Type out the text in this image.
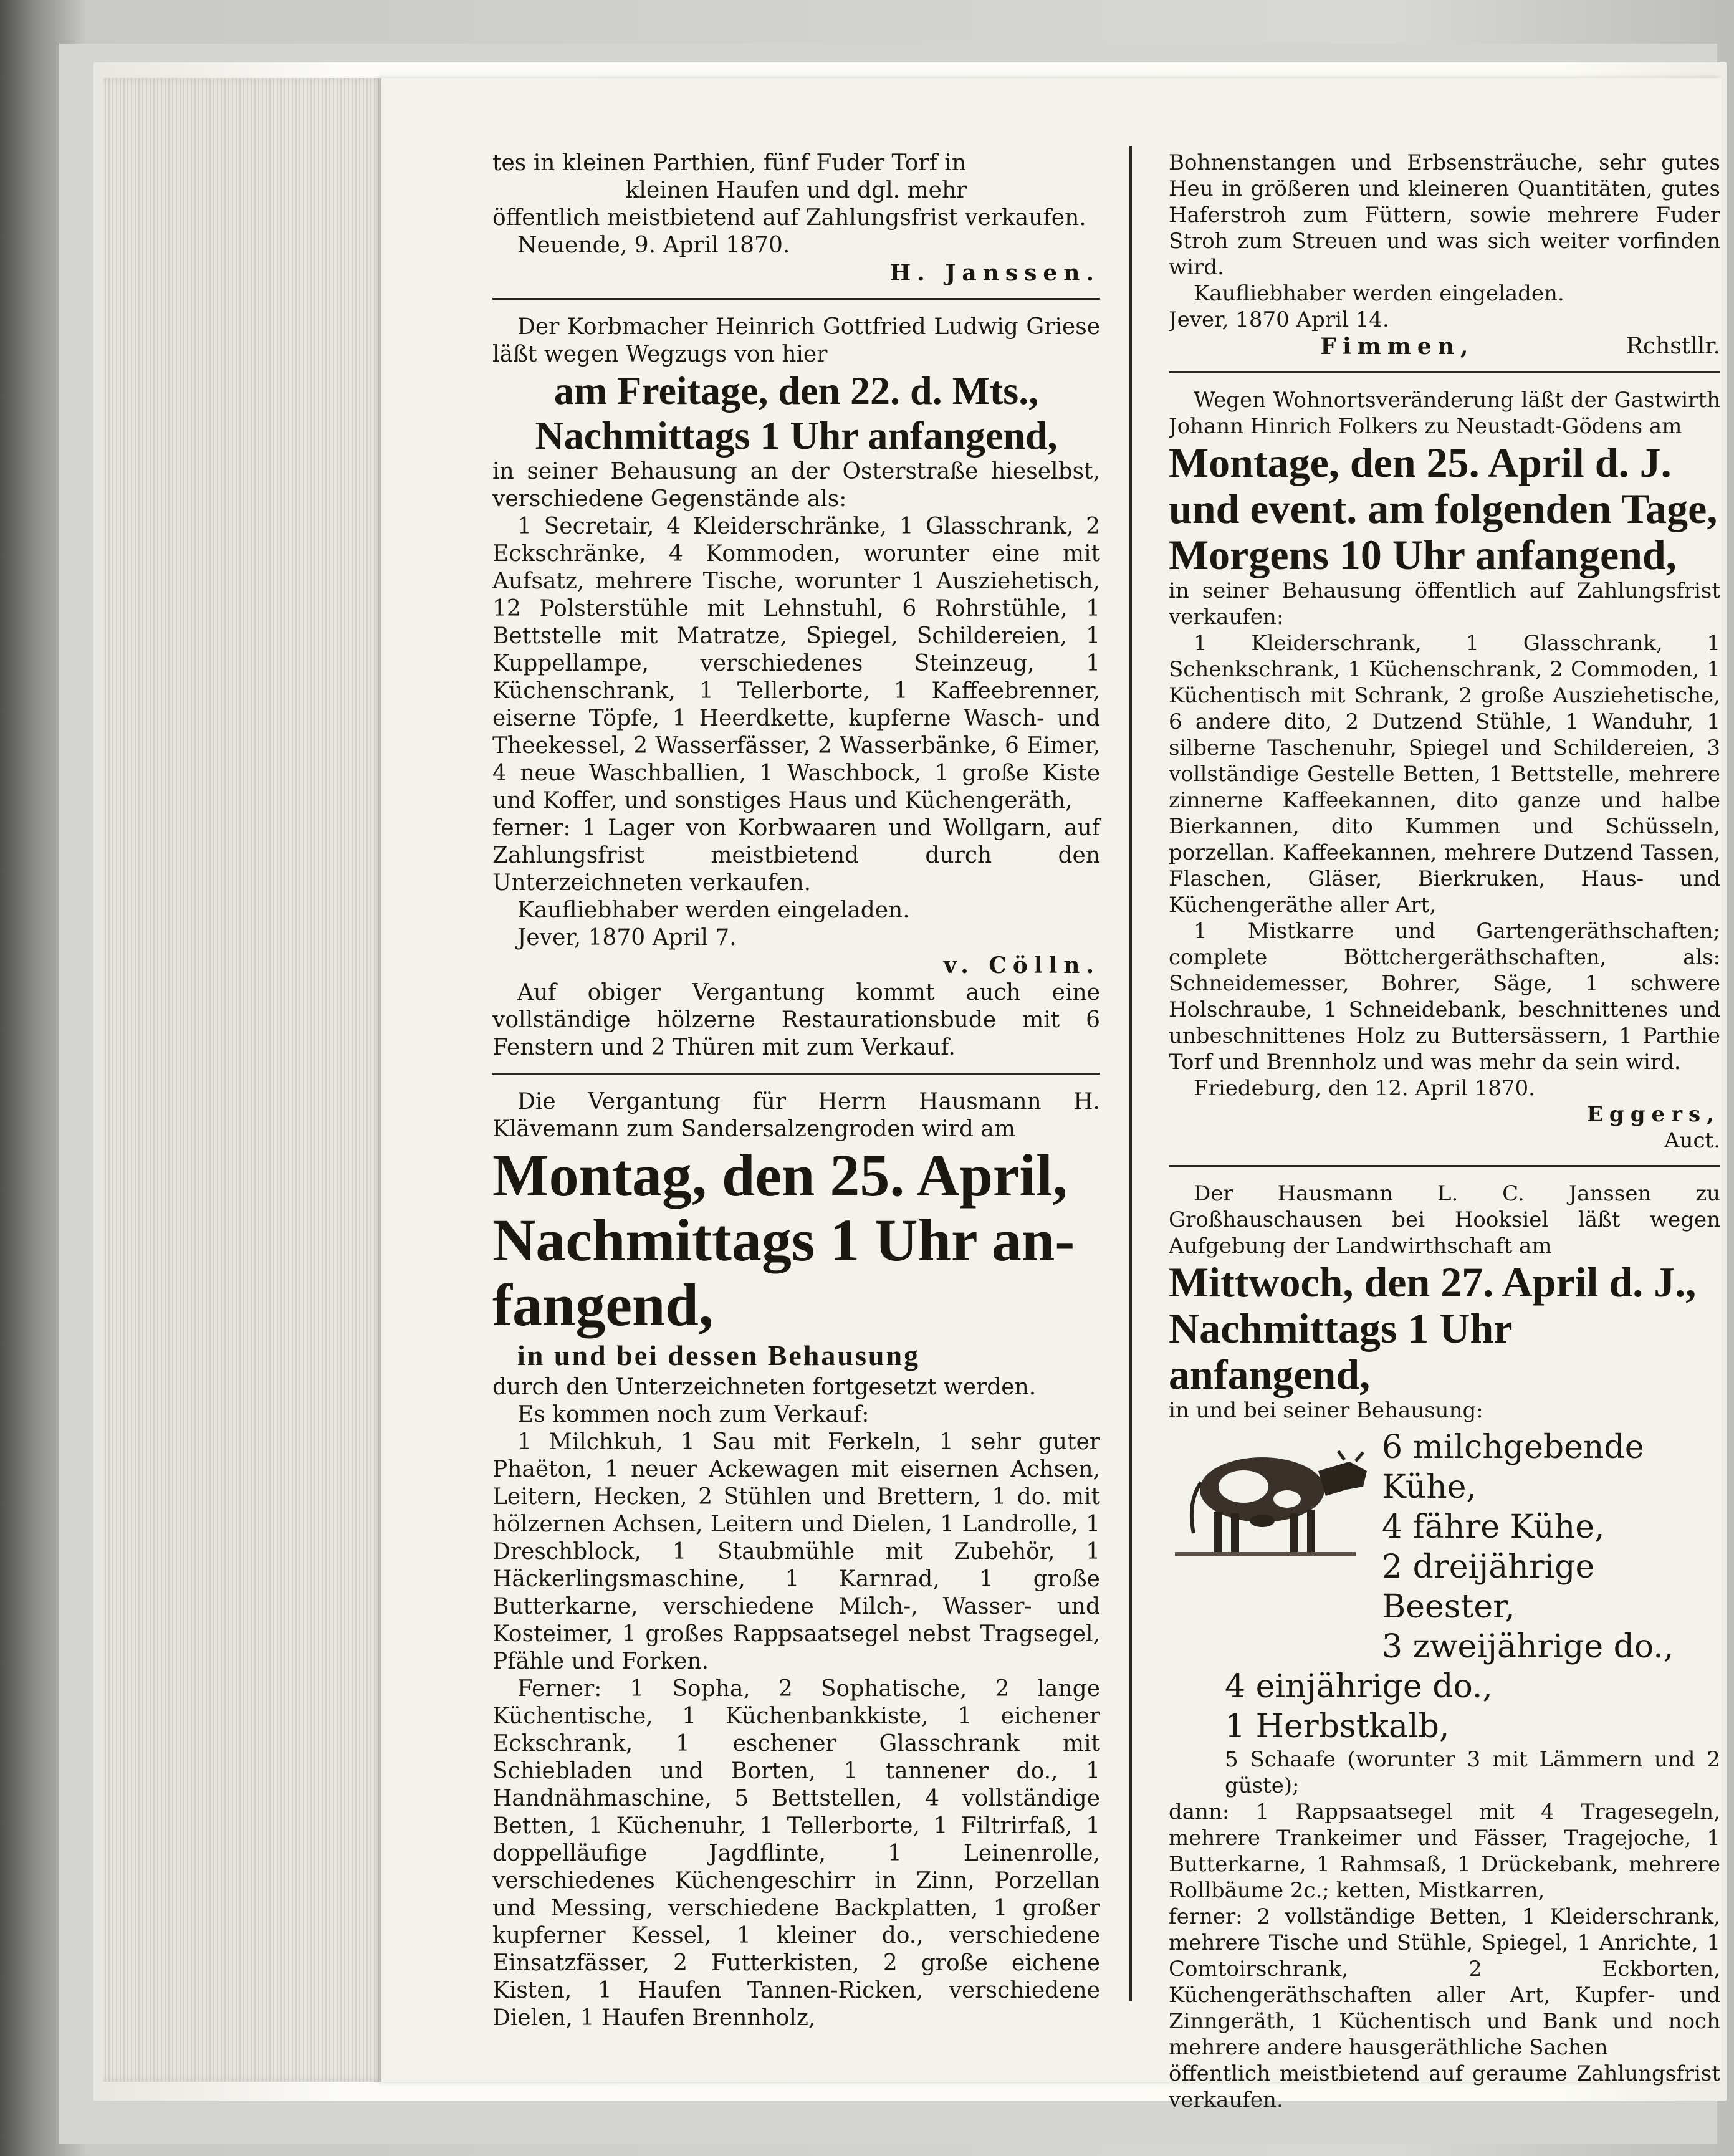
tes in kleinen Parthien, fünf Fuder Torf in

kleinen Haufen und dgl. mehr

öffentlich meistbietend auf Zahlungsfrist verkaufen.

Neuende, 9. April 1870.

H. Janssen.

Der Korbmacher Heinrich Gottfried Ludwig Griese läßt wegen Wegzugs von hier

am Freitage, den 22. d. Mts.,

Nachmittags 1 Uhr anfangend,

in seiner Behausung an der Osterstraße hieselbst, verschiedene Gegenstände als:

1 Secretair, 4 Kleiderschränke, 1 Glasschrank, 2 Eckschränke, 4 Kommoden, worunter eine mit Aufsatz, mehrere Tische, worunter 1 Ausziehetisch, 12 Polsterstühle mit Lehnstuhl, 6 Rohrstühle, 1 Bettstelle mit Matratze, Spiegel, Schildereien, 1 Kuppellampe, verschiedenes Steinzeug, 1 Küchenschrank, 1 Tellerborte, 1 Kaffeebrenner, eiserne Töpfe, 1 Heerdkette, kupferne Wasch- und Theekessel, 2 Wasserfässer, 2 Wasserbänke, 6 Eimer, 4 neue Waschballien, 1 Waschbock, 1 große Kiste und Koffer, und sonstiges Haus und Küchengeräth,

ferner: 1 Lager von Korbwaaren und Wollgarn, auf Zahlungsfrist meistbietend durch den Unterzeichneten verkaufen.

Kaufliebhaber werden eingeladen.

Jever, 1870 April 7.

v. Cölln.

Auf obiger Vergantung kommt auch eine vollständige hölzerne Restaurationsbude mit 6 Fenstern und 2 Thüren mit zum Verkauf.

Die Vergantung für Herrn Hausmann H. Klävemann zum Sandersalzengroden wird am

Montag, den 25. April,

Nachmittags 1 Uhr an-

fangend,

in und bei dessen Behausung

durch den Unterzeichneten fortgesetzt werden.

Es kommen noch zum Verkauf:

1 Milchkuh, 1 Sau mit Ferkeln, 1 sehr guter Phaëton, 1 neuer Ackewagen mit eisernen Achsen, Leitern, Hecken, 2 Stühlen und Brettern, 1 do. mit hölzernen Achsen, Leitern und Dielen, 1 Landrolle, 1 Dreschblock, 1 Staubmühle mit Zubehör, 1 Häckerlingsmaschine, 1 Karnrad, 1 große Butterkarne, verschiedene Milch-, Wasser- und Kosteimer, 1 großes Rappsaatsegel nebst Tragsegel, Pfähle und Forken.

Ferner: 1 Sopha, 2 Sophatische, 2 lange Küchentische, 1 Küchenbankkiste, 1 eichener Eckschrank, 1 eschener Glasschrank mit Schiebladen und Borten, 1 tannener do., 1 Handnähmaschine, 5 Bettstellen, 4 vollständige Betten, 1 Küchenuhr, 1 Tellerborte, 1 Filtrirfaß, 1 doppelläufige Jagdflinte, 1 Leinenrolle, verschiedenes Küchengeschirr in Zinn, Porzellan und Messing, verschiedene Backplatten, 1 großer kupferner Kessel, 1 kleiner do., verschiedene Einsatzfässer, 2 Futterkisten, 2 große eichene Kisten, 1 Haufen Tannen-Ricken, verschiedene Dielen, 1 Haufen Brennholz,

Bohnenstangen und Erbsensträuche, sehr gutes Heu in größeren und kleineren Quantitäten, gutes Haferstroh zum Füttern, sowie mehrere Fuder Stroh zum Streuen und was sich weiter vorfinden wird.

Kaufliebhaber werden eingeladen.

Jever, 1870 April 14.

Fimmen,	Rchstllr.

Wegen Wohnortsveränderung läßt der Gastwirth Johann Hinrich Folkers zu Neustadt-Gödens am

Montage, den 25. April d. J.

und event. am folgenden Tage,

Morgens 10 Uhr anfangend,

in seiner Behausung öffentlich auf Zahlungsfrist verkaufen:

1 Kleiderschrank, 1 Glasschrank, 1 Schenkschrank, 1 Küchenschrank, 2 Commoden, 1 Küchentisch mit Schrank, 2 große Ausziehetische, 6 andere dito, 2 Dutzend Stühle, 1 Wanduhr, 1 silberne Taschenuhr, Spiegel und Schildereien, 3 vollständige Gestelle Betten, 1 Bettstelle, mehrere zinnerne Kaffeekannen, dito ganze und halbe Bierkannen, dito Kummen und Schüsseln, porzellan. Kaffeekannen, mehrere Dutzend Tassen, Flaschen, Gläser, Bierkruken, Haus- und Küchengeräthe aller Art,

1 Mistkarre und Gartengeräthschaften; complete Böttchergeräthschaften, als: Schneidemesser, Bohrer, Säge, 1 schwere Holschraube, 1 Schneidebank, beschnittenes und unbeschnittenes Holz zu Buttersässern, 1 Parthie Torf und Brennholz und was mehr da sein wird.

Friedeburg, den 12. April 1870.

Eggers,

Auct.

Der Hausmann L. C. Janssen zu Großhauschausen bei Hooksiel läßt wegen Aufgebung der Landwirthschaft am

Mittwoch, den 27. April d. J.,

Nachmittags 1 Uhr anfangend,

in und bei seiner Behausung:

6 milchgebende Kühe,

4 fähre Kühe,

2 dreijährige Beester,

3 zweijährige do.,

4 einjährige do.,

1 Herbstkalb,

5 Schaafe (worunter 3 mit Lämmern und 2 güste);

dann: 1 Rappsaatsegel mit 4 Tragesegeln, mehrere Trankeimer und Fässer, Tragejoche, 1 Butterkarne, 1 Rahmsaß, 1 Drückebank, mehrere Rollbäume 2c.; ketten, Mistkarren,

ferner: 2 vollständige Betten, 1 Kleiderschrank, mehrere Tische und Stühle, Spiegel, 1 Anrichte, 1 Comtoirschrank, 2 Eckborten, Küchengeräthschaften aller Art, Kupfer- und Zinngeräth, 1 Küchentisch und Bank und noch mehrere andere hausgeräthliche Sachen

öffentlich meistbietend auf geraume Zahlungsfrist verkaufen.
